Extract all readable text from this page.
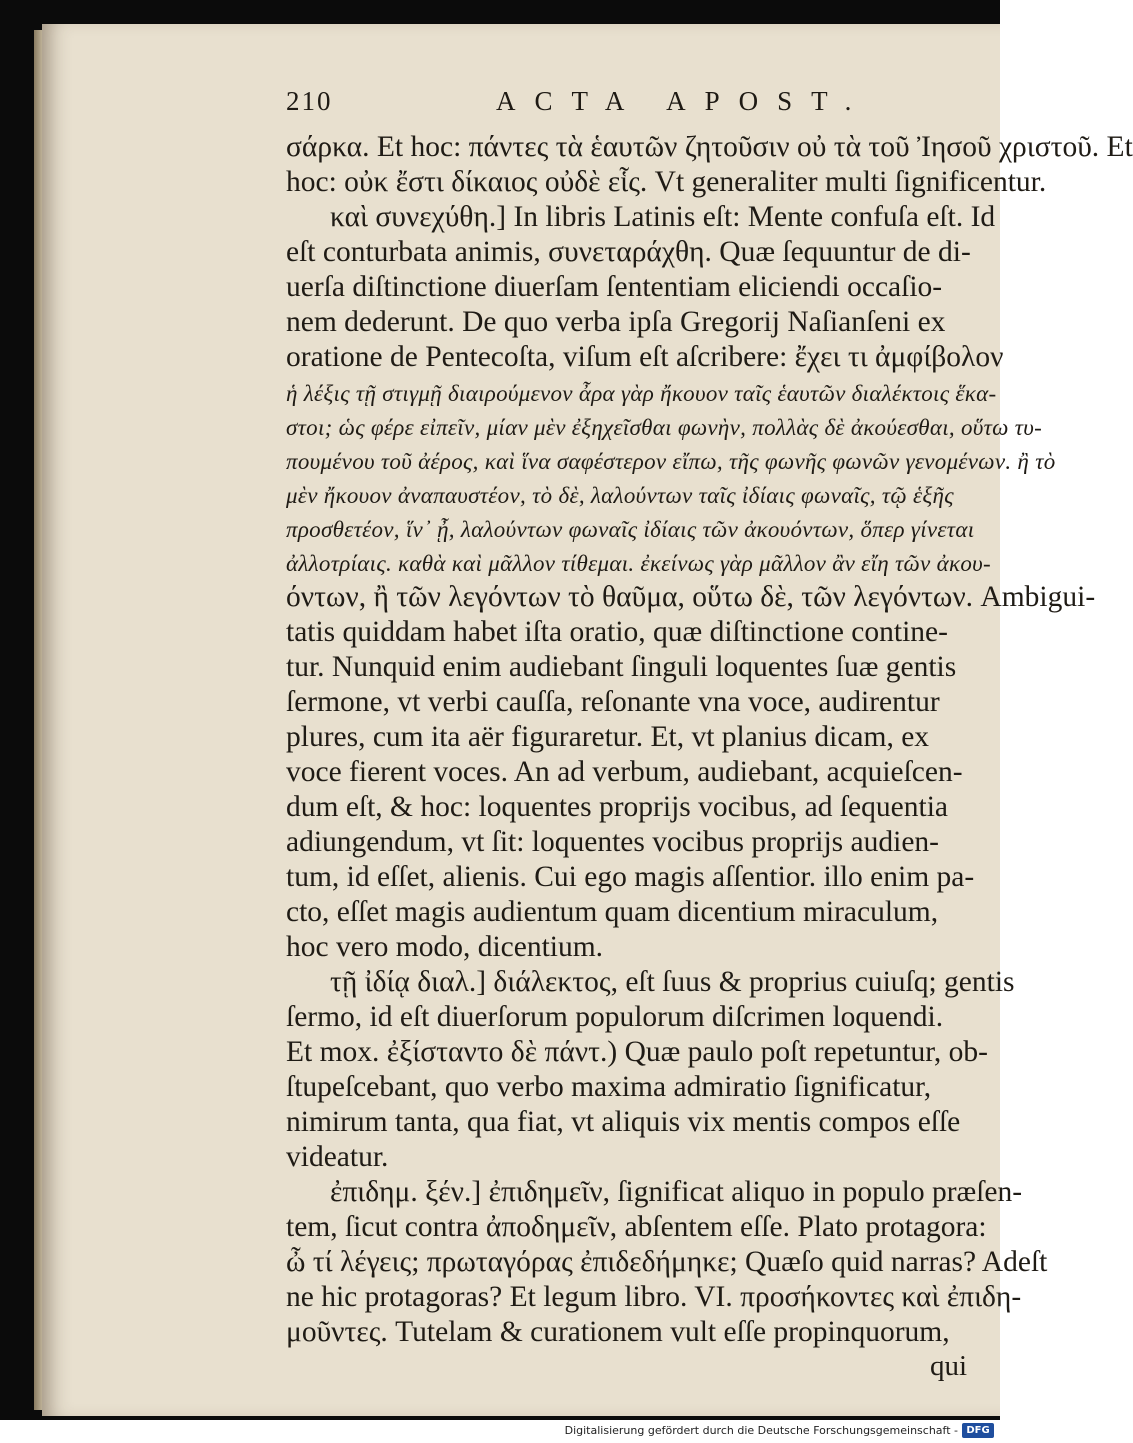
210	ACTA APOST.
σάρκα. Et hoc: πάντες τὰ ἑαυτῶν ζητοῦσιν οὐ τὰ τοῦ Ἰησοῦ χριστοῦ. Et
hoc: οὐκ ἔστι δίκαιος οὐδὲ εἷς. Vt generaliter multi ſignificentur.
καὶ συνεχύθη.] In libris Latinis eſt: Mente confuſa eſt. Id
eſt conturbata animis, συνεταράχθη. Quæ ſequuntur de di-
uerſa diſtinctione diuerſam ſententiam eliciendi occaſio-
nem dederunt. De quo verba ipſa Gregorij Naſianſeni ex
oratione de Pentecoſta, viſum eſt aſcribere: ἔχει τι ἀμφίβολον
ἡ λέξις τῇ στιγμῇ διαιρούμενον ἆρα γὰρ ἤκουον ταῖς ἑαυτῶν διαλέκτοις ἕκα-
στοι; ὡς φέρε εἰπεῖν, μίαν μὲν ἐξηχεῖσθαι φωνὴν, πολλὰς δὲ ἀκούεσθαι, οὕτω τυ-
πουμένου τοῦ ἀέρος, καὶ ἵνα σαφέστερον εἴπω, τῆς φωνῆς φωνῶν γενομένων. ἢ τὸ
μὲν ἤκουον ἀναπαυστέον, τὸ δὲ, λαλούντων ταῖς ἰδίαις φωναῖς, τῷ ἑξῆς
προσθετέον, ἵν᾽ ᾖ, λαλούντων φωναῖς ἰδίαις τῶν ἀκουόντων, ὅπερ γίνεται
ἀλλοτρίαις. καθὰ καὶ μᾶλλον τίθεμαι. ἐκείνως γὰρ μᾶλλον ἂν εἴη τῶν ἀκου-
όντων, ἢ τῶν λεγόντων τὸ θαῦμα, οὕτω δὲ, τῶν λεγόντων. Ambigui-
tatis quiddam habet iſta oratio, quæ diſtinctione contine-
tur. Nunquid enim audiebant ſinguli loquentes ſuæ gentis
ſermone, vt verbi cauſſa, reſonante vna voce, audirentur
plures, cum ita aër figuraretur. Et, vt planius dicam, ex
voce fierent voces. An ad verbum, audiebant, acquieſcen-
dum eſt, & hoc: loquentes proprijs vocibus, ad ſequentia
adiungendum, vt ſit: loquentes vocibus proprijs audien-
tum, id eſſet, alienis. Cui ego magis aſſentior. illo enim pa-
cto, eſſet magis audientum quam dicentium miraculum,
hoc vero modo, dicentium.
τῇ ἰδίᾳ διαλ.] διάλεκτος, eſt ſuus & proprius cuiuſq; gentis
ſermo, id eſt diuerſorum populorum diſcrimen loquendi.
Et mox. ἐξίσταντο δὲ πάντ.) Quæ paulo poſt repetuntur, ob-
ſtupeſcebant, quo verbo maxima admiratio ſignificatur,
nimirum tanta, qua fiat, vt aliquis vix mentis compos eſſe
videatur.
ἐπιδημ. ξέν.] ἐπιδημεῖν, ſignificat aliquo in populo præſen-
tem, ſicut contra ἀποδημεῖν, abſentem eſſe. Plato protagora:
ὦ τί λέγεις; πρωταγόρας ἐπιδεδήμηκε; Quæſo quid narras? Adeſt
ne hic protagoras? Et legum libro. VI. προσήκοντες καὶ ἐπιδη-
μοῦντες. Tutelam & curationem vult eſſe propinquorum,
qui
Digitalisierung gefördert durch die Deutsche Forschungsgemeinschaft - DFG
